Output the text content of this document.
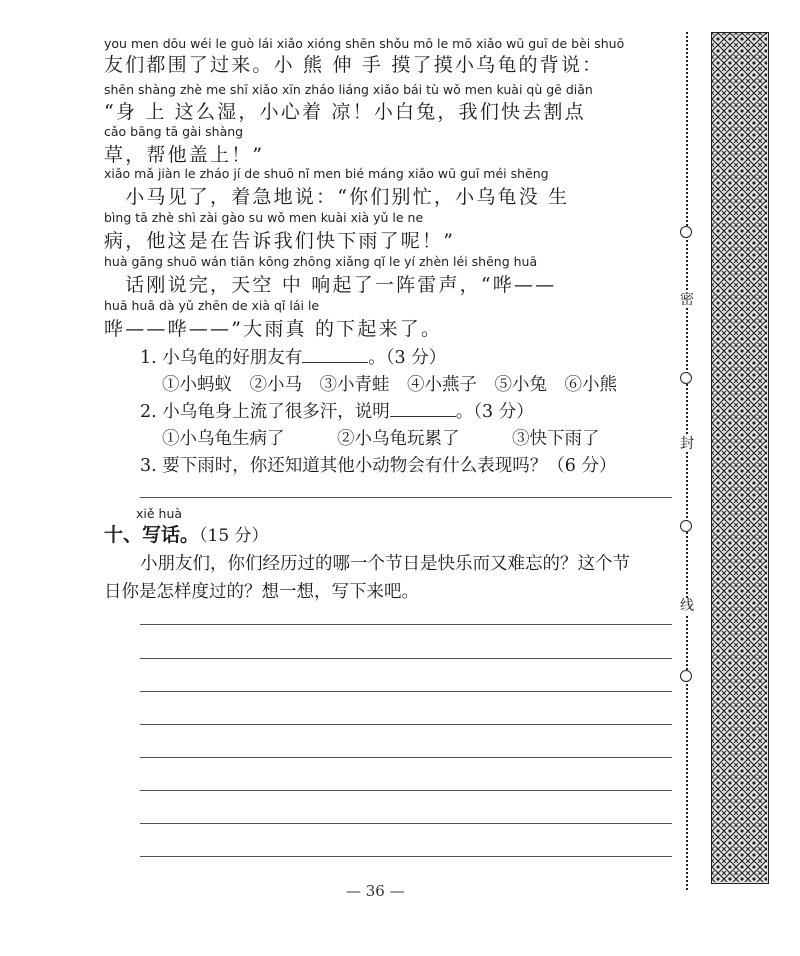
you men dōu wéi le guò lái xiǎo xióng shēn shǒu mō le mō xiǎo wū guī de bèi shuō
友们都围了过来。小 熊 伸 手 摸了摸小乌龟的背说：
shēn shàng zhè me shī xiǎo xīn zháo liáng xiǎo bái tù wǒ men kuài qù gē diǎn
“身 上 这么湿，小心着 凉！小白兔，我们快去割点
cǎo bāng tā gài shàng
草，帮他盖上！”
xiǎo mǎ jiàn le zháo jí de shuō nǐ men bié máng xiǎo wū guī méi shēng
　小马见了，着急地说：“你们别忙，小乌龟没 生
bìng tā zhè shì zài gào su wǒ men kuài xià yǔ le ne
病，他这是在告诉我们快下雨了呢！”
huà gāng shuō wán tiān kōng zhōng xiǎng qǐ le yí zhèn léi shēng huā
　话刚说完，天空 中 响起了一阵雷声，“哗——
huā huā dà yǔ zhēn de xià qǐ lái le
哗——哗——”大雨真 的下起来了。
1. 小乌龟的好朋友有	。（3 分）
①小蚂蚁　②小马　③小青蛙　④小燕子　⑤小兔　⑥小熊
2. 小乌龟身上流了很多汗，说明	。（3 分）
①小乌龟生病了　　　②小乌龟玩累了　　　③快下雨了
3. 要下雨时，你还知道其他小动物会有什么表现吗？（6 分）
xiě huà
十、写话。（15 分）
小朋友们，你们经历过的哪一个节日是快乐而又难忘的？这个节
日你是怎样度过的？想一想，写下来吧。
— 36 —
密
封
线
